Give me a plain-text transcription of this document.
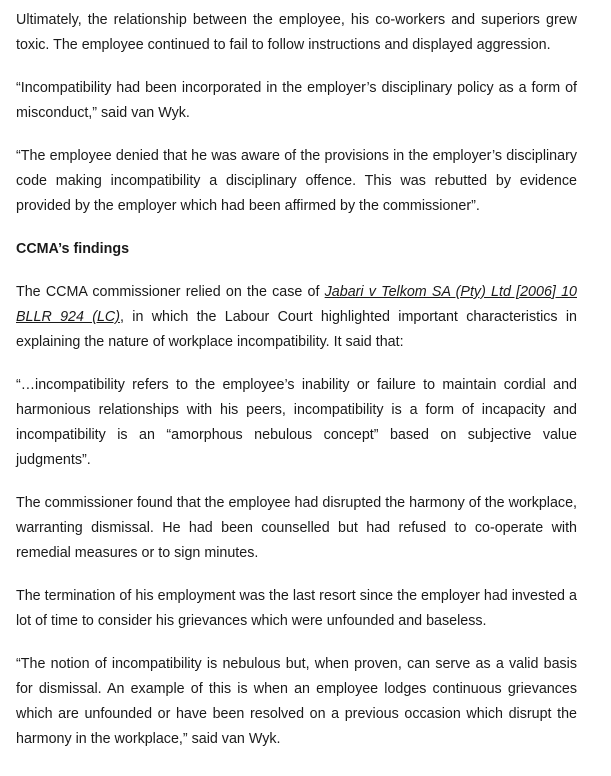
Ultimately, the relationship between the employee, his co-workers and superiors grew toxic. The employee continued to fail to follow instructions and displayed aggression.

“Incompatibility had been incorporated in the employer’s disciplinary policy as a form of misconduct,” said van Wyk.

“The employee denied that he was aware of the provisions in the employer’s disciplinary code making incompatibility a disciplinary offence. This was rebutted by evidence provided by the employer which had been affirmed by the commissioner”.

CCMA’s findings

The CCMA commissioner relied on the case of Jabari v Telkom SA (Pty) Ltd [2006] 10 BLLR 924 (LC), in which the Labour Court highlighted important characteristics in explaining the nature of workplace incompatibility. It said that:

“…incompatibility refers to the employee’s inability or failure to maintain cordial and harmonious relationships with his peers, incompatibility is a form of incapacity and incompatibility is an “amorphous nebulous concept” based on subjective value judgments”.

The commissioner found that the employee had disrupted the harmony of the workplace, warranting dismissal. He had been counselled but had refused to co-operate with remedial measures or to sign minutes.

The termination of his employment was the last resort since the employer had invested a lot of time to consider his grievances which were unfounded and baseless.

“The notion of incompatibility is nebulous but, when proven, can serve as a valid basis for dismissal. An example of this is when an employee lodges continuous grievances which are unfounded or have been resolved on a previous occasion which disrupt the harmony in the workplace,” said van Wyk.
